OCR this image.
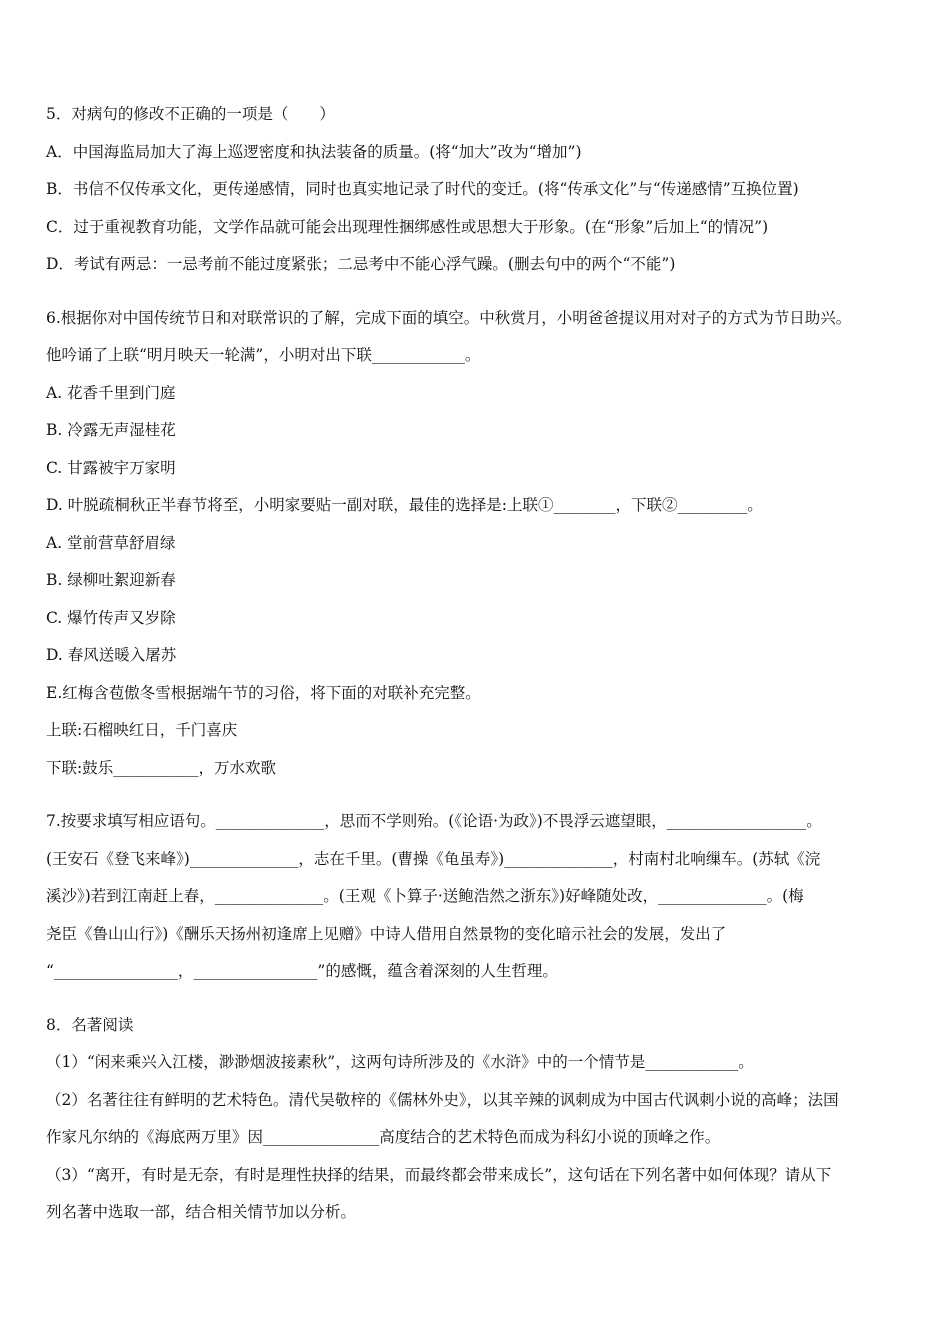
5．对病句的修改不正确的一项是（　　）
A．中国海监局加大了海上巡逻密度和执法装备的质量。(将“加大”改为“增加”)
B．书信不仅传承文化，更传递感情，同时也真实地记录了时代的变迁。(将“传承文化”与“传递感情”互换位置)
C．过于重视教育功能，文学作品就可能会出现理性捆绑感性或思想大于形象。(在“形象”后加上“的情况”)
D．考试有两忌：一忌考前不能过度紧张；二忌考中不能心浮气躁。(删去句中的两个“不能”)
6.根据你对中国传统节日和对联常识的了解，完成下面的填空。中秋赏月，小明爸爸提议用对对子的方式为节日助兴。
他吟诵了上联“明月映天一轮满”，小明对出下联____________。
A. 花香千里到门庭
B. 冷露无声湿桂花
C. 甘露被宇万家明
D. 叶脱疏桐秋正半春节将至，小明家要贴一副对联，最佳的选择是:上联①________，下联②_________。
A. 堂前营草舒眉绿
B. 绿柳吐絮迎新春
C. 爆竹传声又岁除
D. 春风送暖入屠苏
E.红梅含苞傲冬雪根据端午节的习俗，将下面的对联补充完整。
上联:石榴映红日，千门喜庆
下联:鼓乐___________，万水欢歌
7.按要求填写相应语句。______________，思而不学则殆。(《论语·为政》)不畏浮云遮望眼，__________________。
(王安石《登飞来峰》)______________，志在千里。(曹操《龟虽寿》)______________，村南村北响缫车。(苏轼《浣
溪沙》)若到江南赶上春，______________。(王观《卜算子·送鲍浩然之浙东》)好峰随处改，______________。(梅
尧臣《鲁山山行》)《酬乐天扬州初逢席上见赠》中诗人借用自然景物的变化暗示社会的发展，发出了
“________________，________________”的感慨，蕴含着深刻的人生哲理。
8．名著阅读
（1）“闲来乘兴入江楼，渺渺烟波接素秋”，这两句诗所涉及的《水浒》中的一个情节是____________。
（2）名著往往有鲜明的艺术特色。清代吴敬梓的《儒林外史》，以其辛辣的讽刺成为中国古代讽刺小说的高峰；法国
作家凡尔纳的《海底两万里》因_______________高度结合的艺术特色而成为科幻小说的顶峰之作。
（3）“离开，有时是无奈，有时是理性抉择的结果，而最终都会带来成长”，这句话在下列名著中如何体现？请从下
列名著中选取一部，结合相关情节加以分析。
